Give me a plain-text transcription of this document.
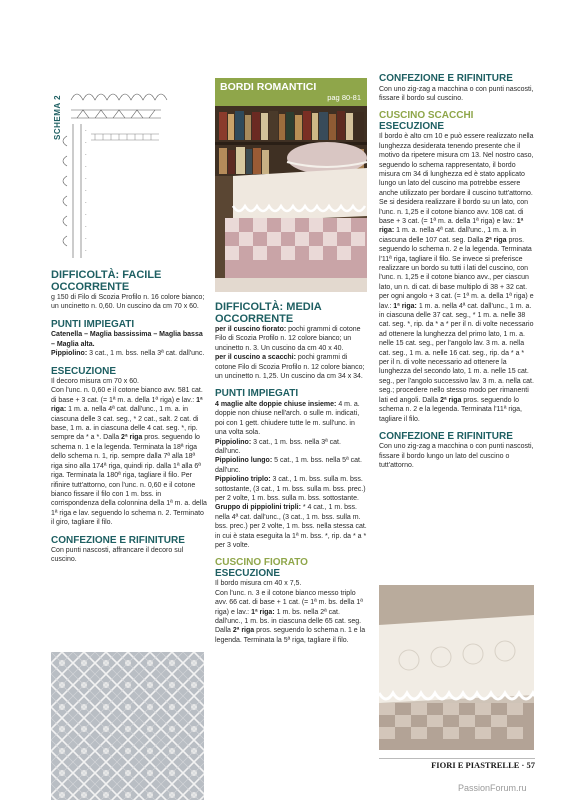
-
-
-
-
-
-
-
-
-
-
-
SCHEMA 2
DIFFICOLTÀ: FACILE
OCCORRENTE

g 150 di Filo di Scozia Profilo n. 16 colore bianco; un uncinetto n. 0,60. Un cuscino da cm 70 x 60.

PUNTI IMPIEGATI

Catenella – Maglia bassissima – Maglia bassa – Maglia alta.

Pippiolino: 3 cat., 1 m. bss. nella 3ª cat. dall'unc.

ESECUZIONE

Il decoro misura cm 70 x 60.

Con l'unc. n. 0,60 e il cotone bianco avv. 581 cat. di base + 3 cat. (= 1ª m. a. della 1ª riga) e lav.: 1ª riga: 1 m. a. nella 4ª cat. dall'unc., 1 m. a. in ciascuna delle 3 cat. seg., * 2 cat., salt. 2 cat. di base, 1 m. a. in ciascuna delle 4 cat. seg. *, rip. sempre da * a *. Dalla 2ª riga pros. seguendo lo schema n. 1 e la legenda. Terminata la 18ª riga dello schema n. 1, rip. sempre dalla 7ª alla 18ª riga sino alla 174ª riga, quindi rip. dalla 1ª alla 6ª riga. Terminata la 180ª riga, tagliare il filo. Per rifinire tutt'attorno, con l'unc. n. 0,60 e il cotone bianco fissare il filo con 1 m. bss. in corrispondenza della colonnina della 1ª m. a. della 1ª riga e lav. seguendo lo schema n. 2. Terminato il giro, tagliare il filo.

CONFEZIONE E RIFINITURE

Con punti nascosti, affrancare il decoro sul cuscino.

BORDI ROMANTICI
pag 80-81
DIFFICOLTÀ: MEDIA
OCCORRENTE

per il cuscino fiorato: pochi grammi di cotone Filo di Scozia Profilo n. 12 colore bianco; un uncinetto n. 3. Un cuscino da cm 40 x 40.

per il cuscino a scacchi: pochi grammi di cotone Filo di Scozia Profilo n. 12 colore bianco; un uncinetto n. 1,25. Un cuscino da cm 34 x 34.

PUNTI IMPIEGATI

4 maglie alte doppie chiuse insieme: 4 m. a. doppie non chiuse nell'arch. o sulle m. indicati, poi con 1 gett. chiudere tutte le m. sull'unc. in una volta sola.

Pippiolino: 3 cat., 1 m. bss. nella 3ª cat. dall'unc.

Pippiolino lungo: 5 cat., 1 m. bss. nella 5ª cat. dall'unc.

Pippiolino triplo: 3 cat., 1 m. bss. sulla m. bss. sottostante, (3 cat., 1 m. bss. sulla m. bss. prec.) per 2 volte, 1 m. bss. sulla m. bss. sottostante.

Gruppo di pippiolini tripli: * 4 cat., 1 m. bss. nella 4ª cat. dall'unc., (3 cat., 1 m. bss. sulla m. bss. prec.) per 2 volte, 1 m. bss. nella stessa cat. in cui è stata eseguita la 1ª m. bss. *, rip. da * a * per 3 volte.

CUSCINO FIORATO
ESECUZIONE

Il bordo misura cm 40 x 7,5.

Con l'unc. n. 3 e il cotone bianco messo triplo avv. 66 cat. di base + 1 cat. (= 1ª m. bs. della 1ª riga) e lav.: 1ª riga: 1 m. bs. nella 2ª cat. dall'unc., 1 m. bs. in ciascuna delle 65 cat. seg. Dalla 2ª riga pros. seguendo lo schema n. 1 e la legenda. Terminata la 5ª riga, tagliare il filo.

CONFEZIONE E RIFINITURE

Con uno zig-zag a macchina o con punti nascosti, fissare il bordo sul cuscino.

CUSCINO SCACCHI
ESECUZIONE

Il bordo è alto cm 10 e può essere realizzato nella lunghezza desiderata tenendo presente che il motivo da ripetere misura cm 13. Nel nostro caso, seguendo lo schema rappresentato, il bordo misura cm 34 di lunghezza ed è stato applicato lungo un lato del cuscino ma potrebbe essere anche utilizzato per bordare il cuscino tutt'attorno.

Se si desidera realizzare il bordo su un lato, con l'unc. n. 1,25 e il cotone bianco avv. 108 cat. di base + 3 cat. (= 1ª m. a. della 1ª riga) e lav.: 1ª riga: 1 m. a. nella 4ª cat. dall'unc., 1 m. a. in ciascuna delle 107 cat. seg. Dalla 2ª riga pros. seguendo lo schema n. 2 e la legenda. Terminata l'11ª riga, tagliare il filo. Se invece si preferisce realizzare un bordo su tutti i lati del cuscino, con l'unc. n. 1,25 e il cotone bianco avv., per ciascun lato, un n. di cat. di base multiplo di 38 + 32 cat. per ogni angolo + 3 cat. (= 1ª m. a. della 1ª riga) e lav.: 1ª riga: 1 m. a. nella 4ª cat. dall'unc., 1 m. a. in ciascuna delle 37 cat. seg., * 1 m. a. nelle 38 cat. seg. *, rip. da * a * per il n. di volte necessario ad ottenere la lunghezza del primo lato, 1 m. a. nelle 15 cat. seg., per l'angolo lav. 3 m. a. nella cat. seg., 1 m. a. nelle 16 cat. seg., rip. da * a * per il n. di volte necessario ad ottenere la lunghezza del secondo lato, 1 m. a. nelle 15 cat. seg., per l'angolo successivo lav. 3 m. a. nella cat. seg.; procedere nello stesso modo per rimanenti lati ed angoli. Dalla 2ª riga pros. seguendo lo schema n. 2 e la legenda. Terminata l'11ª riga, tagliare il filo.

CONFEZIONE E RIFINITURE

Con uno zig-zag a macchina o con punti nascosti, fissare il bordo lungo un lato del cuscino o tutt'attorno.

FIORI E PIASTRELLE · 57
PassionForum.ru
